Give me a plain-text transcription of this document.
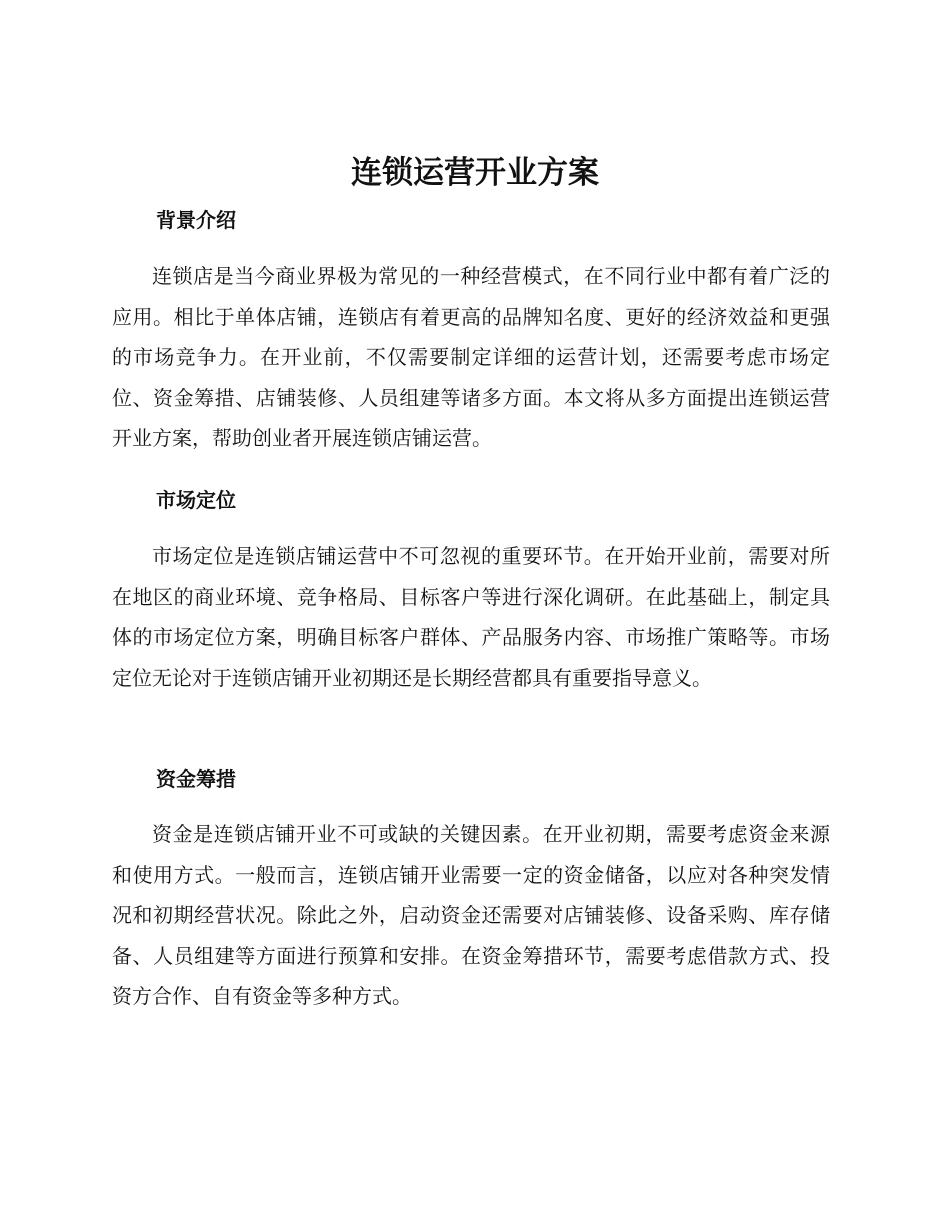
连锁运营开业方案
背景介绍

连锁店是当今商业界极为常见的一种经营模式，在不同行业中都有着广泛的应用。相比于单体店铺，连锁店有着更高的品牌知名度、更好的经济效益和更强的市场竞争力。在开业前，不仅需要制定详细的运营计划，还需要考虑市场定位、资金筹措、店铺装修、人员组建等诸多方面。本文将从多方面提出连锁运营开业方案，帮助创业者开展连锁店铺运营。

市场定位

市场定位是连锁店铺运营中不可忽视的重要环节。在开始开业前，需要对所在地区的商业环境、竞争格局、目标客户等进行深化调研。在此基础上，制定具体的市场定位方案，明确目标客户群体、产品服务内容、市场推广策略等。市场定位无论对于连锁店铺开业初期还是长期经营都具有重要指导意义。

资金筹措

资金是连锁店铺开业不可或缺的关键因素。在开业初期，需要考虑资金来源和使用方式。一般而言，连锁店铺开业需要一定的资金储备，以应对各种突发情况和初期经营状况。除此之外，启动资金还需要对店铺装修、设备采购、库存储备、人员组建等方面进行预算和安排。在资金筹措环节，需要考虑借款方式、投资方合作、自有资金等多种方式。
